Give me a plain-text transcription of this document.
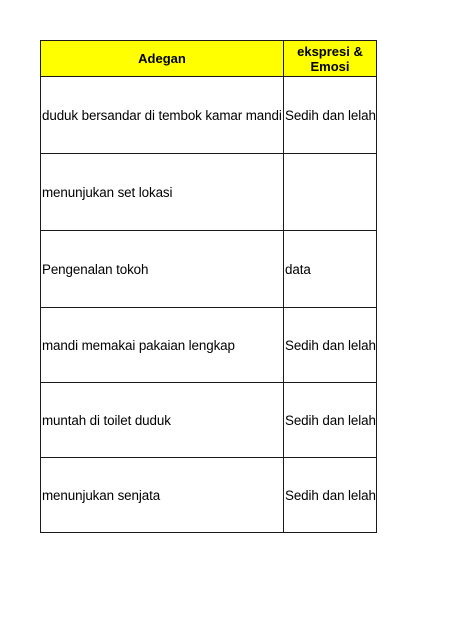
Adegan	ekspresi & Emosi
duduk bersandar di tembok kamar mandi	Sedih dan lelah
menunjukan set lokasi	
Pengenalan tokoh	data
mandi memakai pakaian lengkap	Sedih dan lelah
muntah di toilet duduk	Sedih dan lelah
menunjukan senjata	Sedih dan lelah
